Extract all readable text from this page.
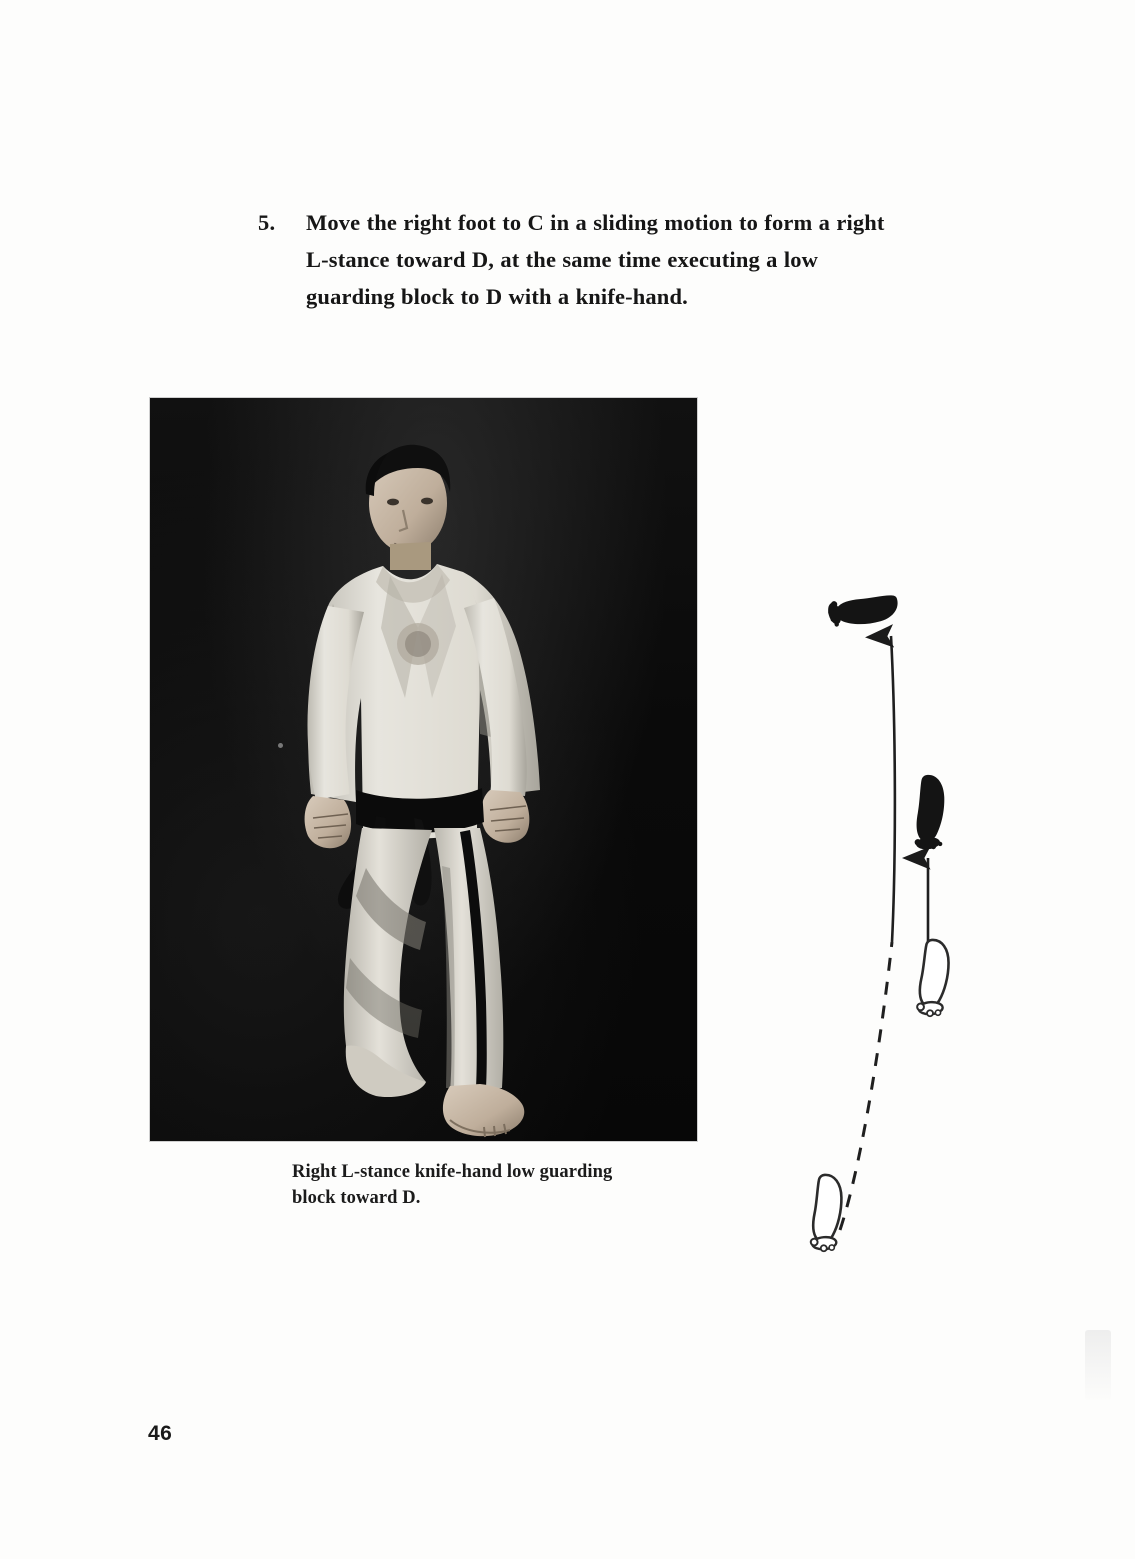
5.	Move the right foot to C in a sliding motion to form a right L-stance toward D, at the same time executing a low guarding block to D with a knife-hand.
Right L-stance knife-hand low guarding block toward D.
46
